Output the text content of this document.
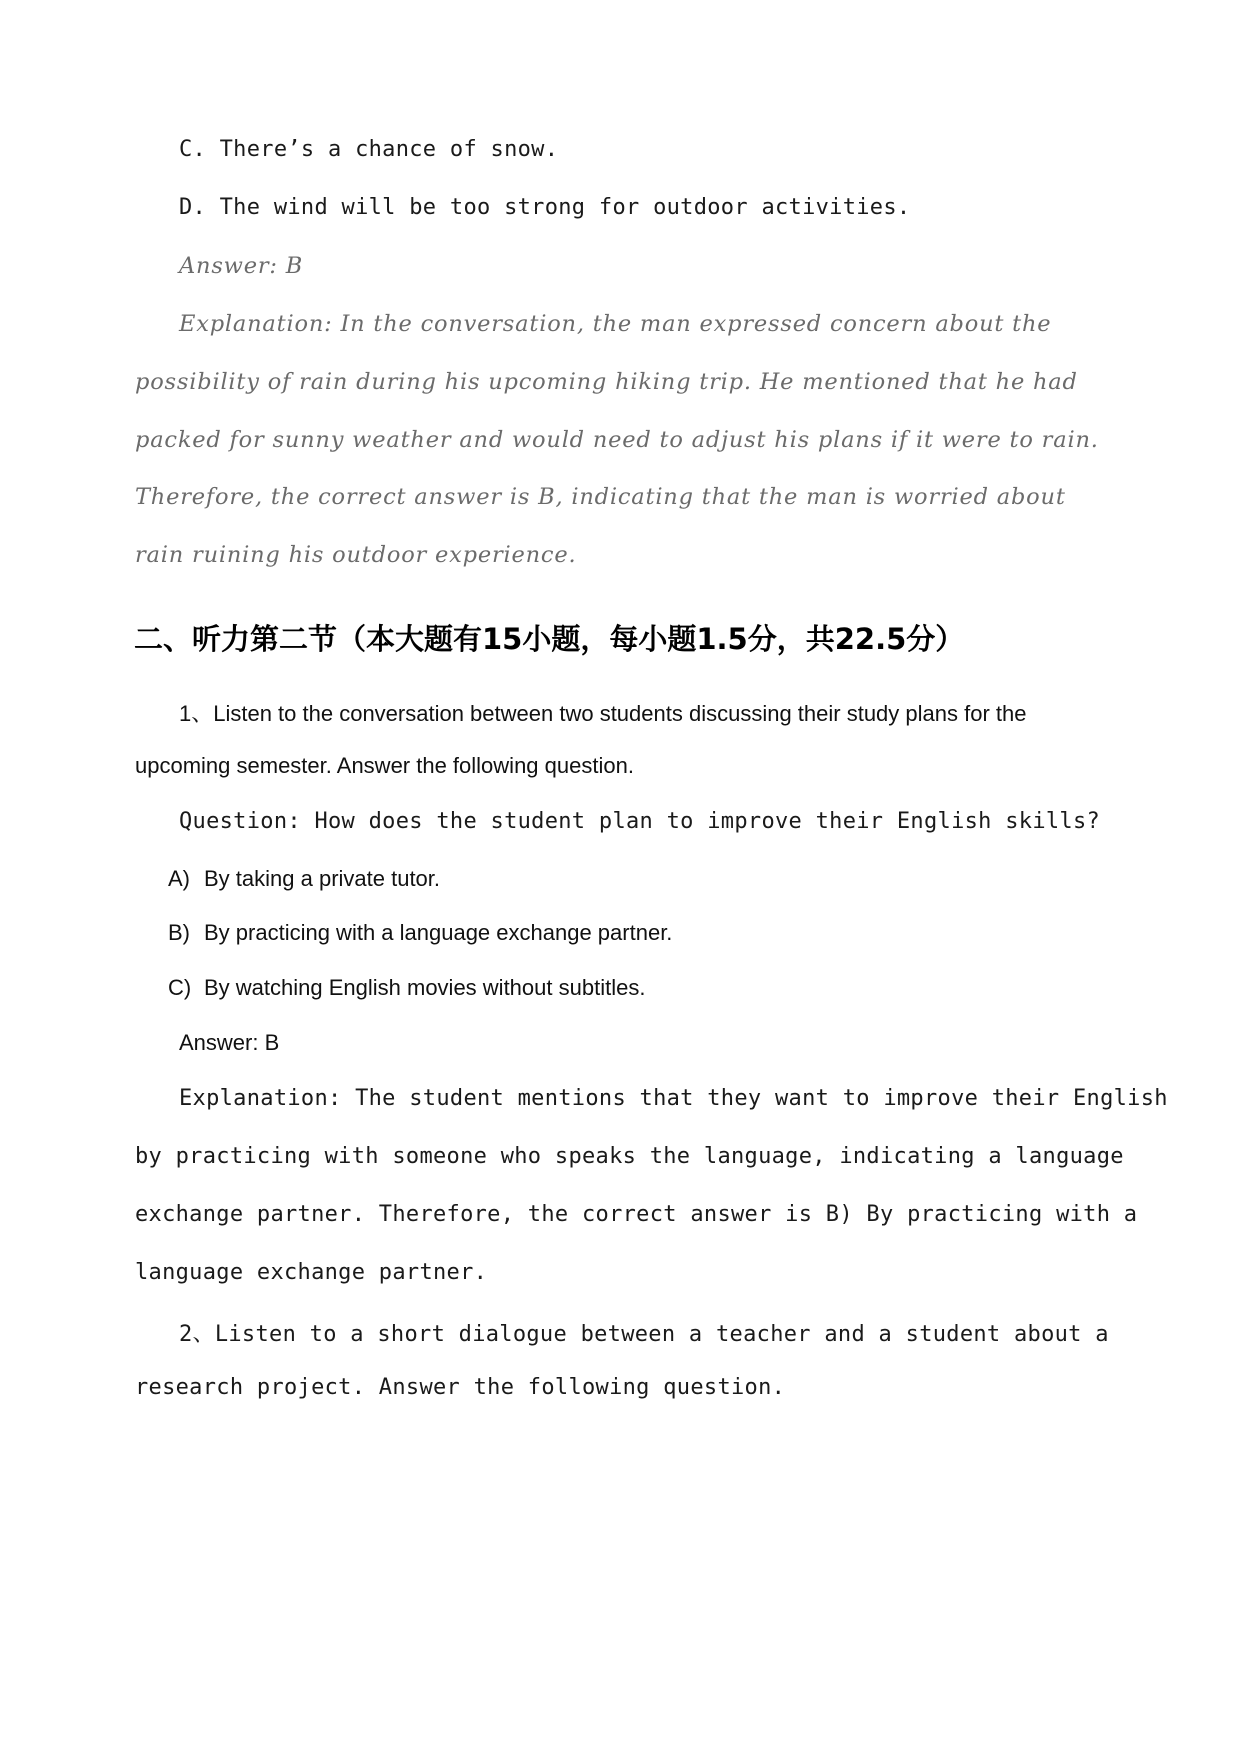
C. There’s a chance of snow.
D. The wind will be too strong for outdoor activities.
Answer: B
Explanation: In the conversation, the man expressed concern about the
possibility of rain during his upcoming hiking trip. He mentioned that he had
packed for sunny weather and would need to adjust his plans if it were to rain.
Therefore, the correct answer is B, indicating that the man is worried about
rain ruining his outdoor experience.
二、听力第二节（本大题有15小题，每小题1.5分，共22.5分）
1、Listen to the conversation between two students discussing their study plans for the
upcoming semester. Answer the following question.
Question: How does the student plan to improve their English skills?
A) By taking a private tutor.
B) By practicing with a language exchange partner.
C) By watching English movies without subtitles.
Answer: B
Explanation: The student mentions that they want to improve their English
by practicing with someone who speaks the language, indicating a language
exchange partner. Therefore, the correct answer is B) By practicing with a
language exchange partner.
2、Listen to a short dialogue between a teacher and a student about a
research project. Answer the following question.
